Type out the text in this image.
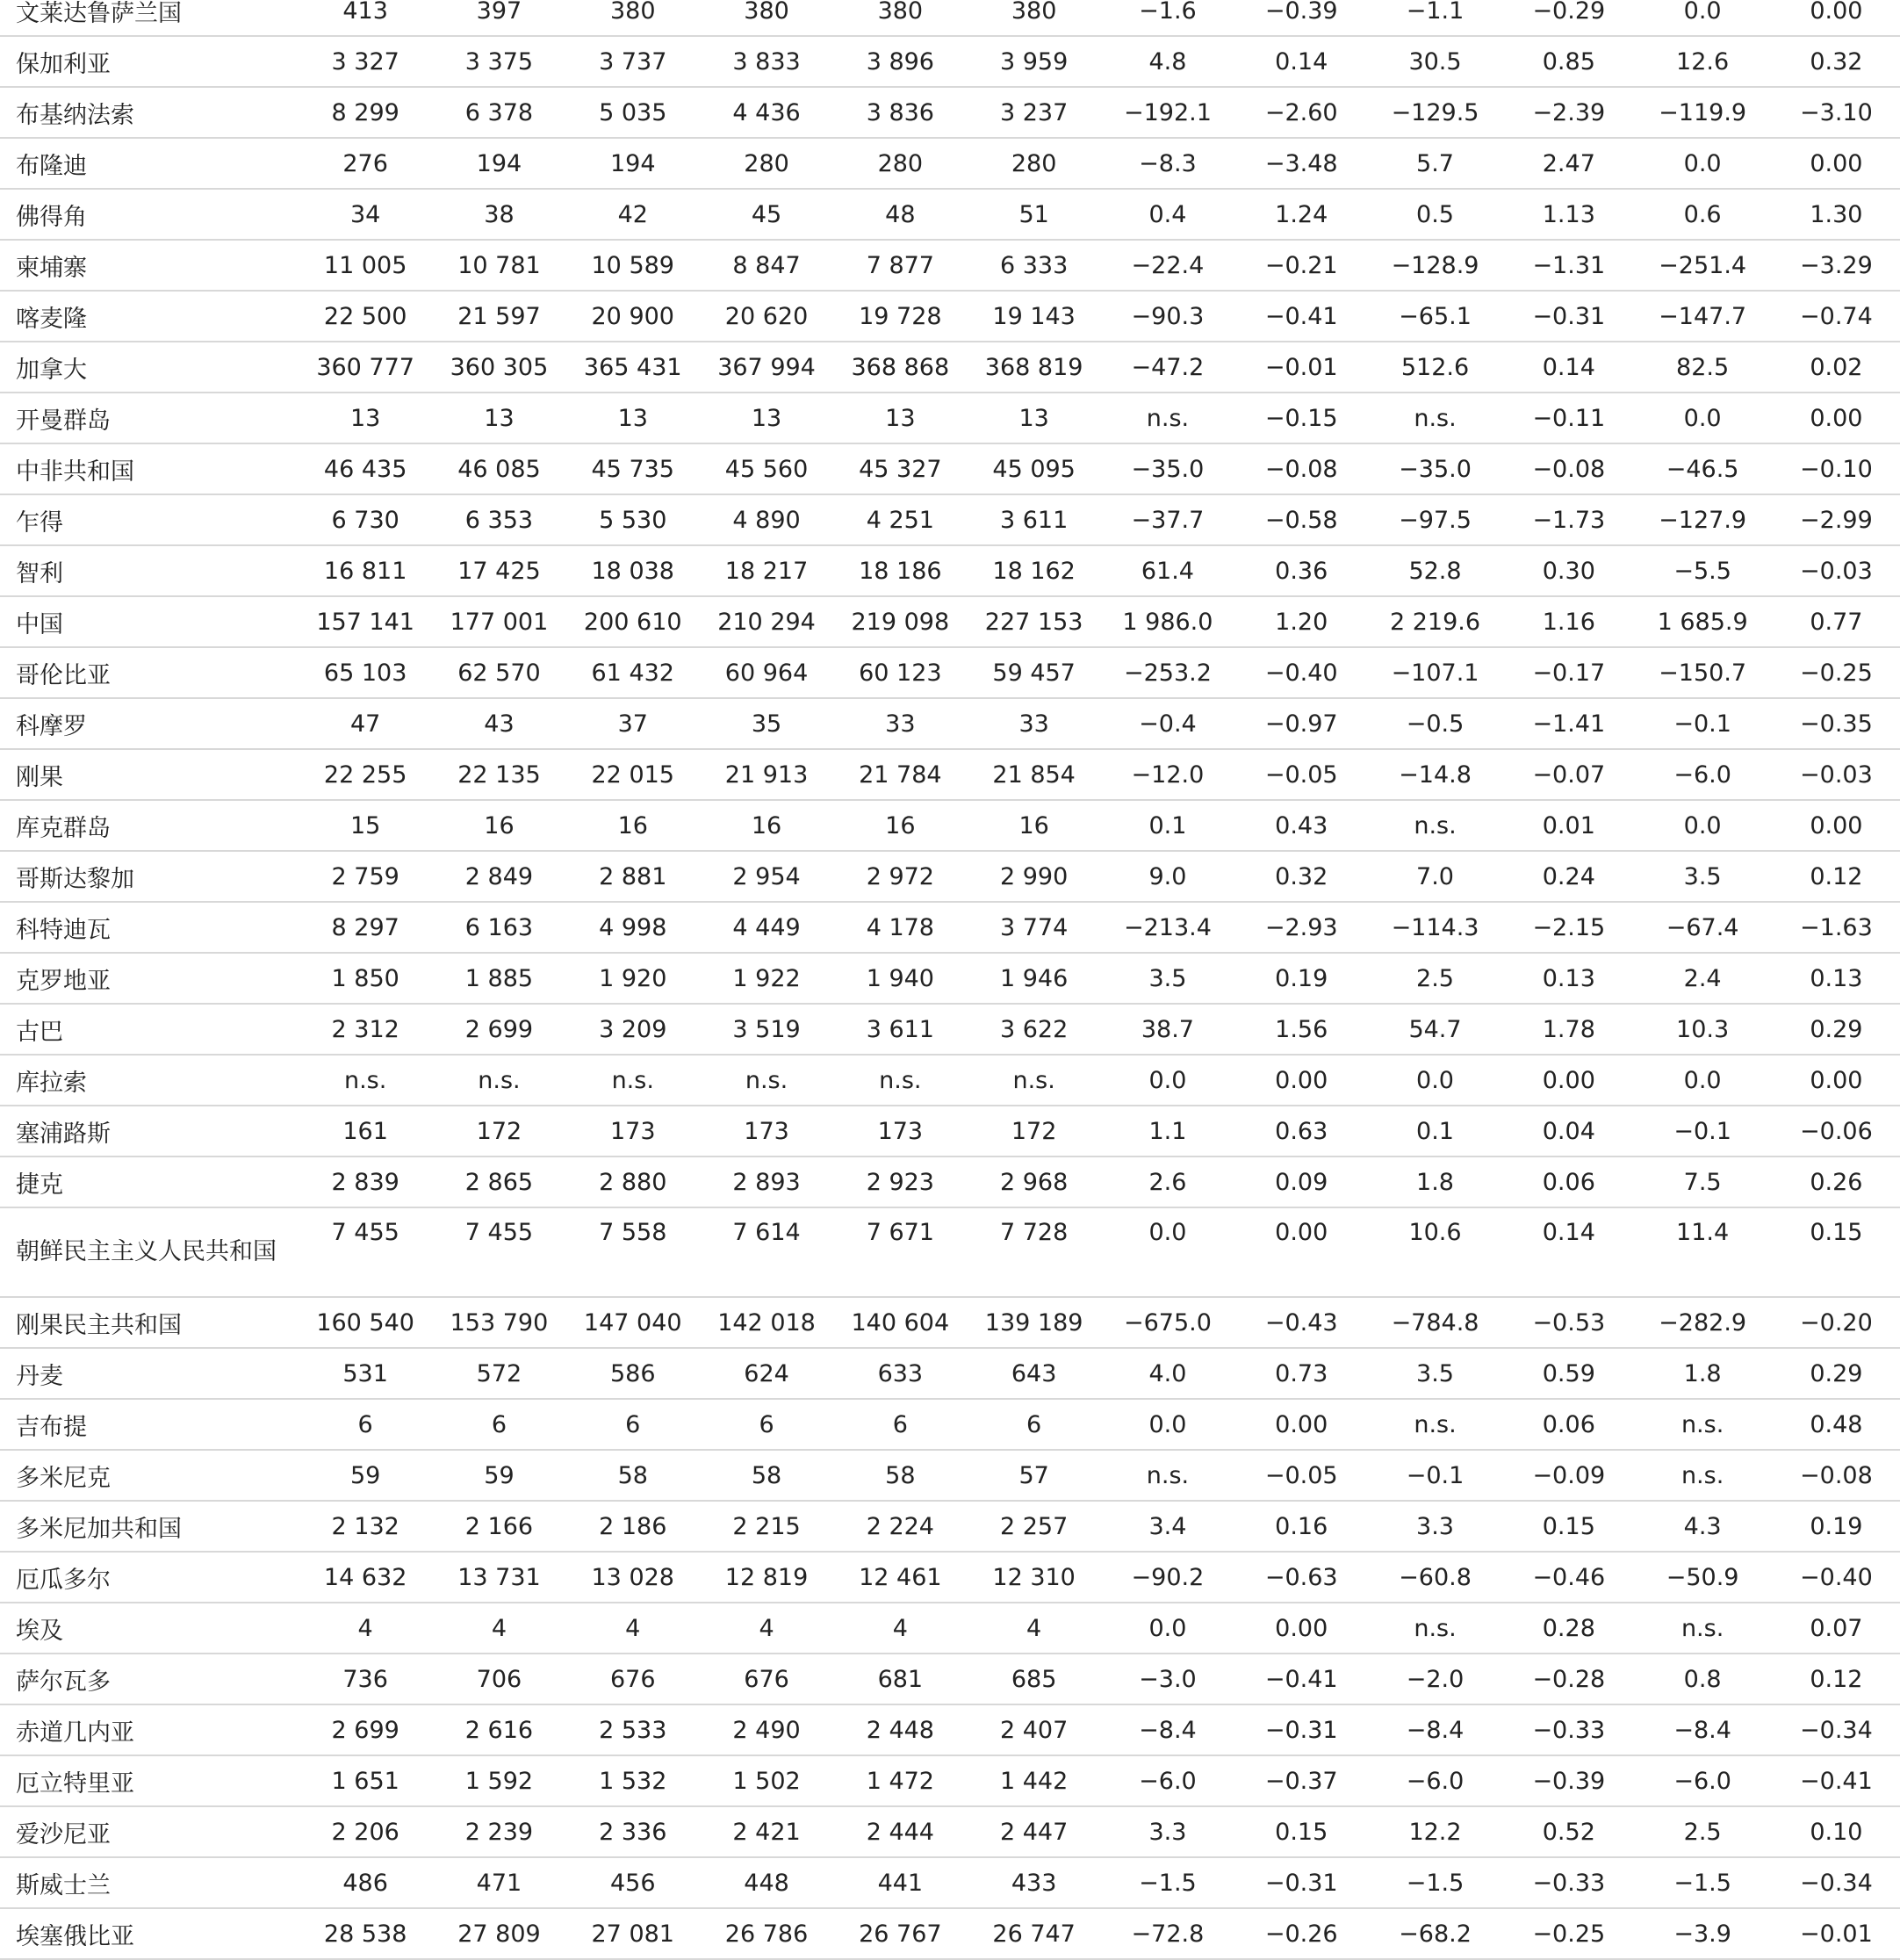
文莱达鲁萨兰国	413	397	380	380	380	380	−1.6	−0.39	−1.1	−0.29	0.0	0.00
保加利亚	3 327	3 375	3 737	3 833	3 896	3 959	4.8	0.14	30.5	0.85	12.6	0.32
布基纳法索	8 299	6 378	5 035	4 436	3 836	3 237	−192.1	−2.60	−129.5	−2.39	−119.9	−3.10
布隆迪	276	194	194	280	280	280	−8.3	−3.48	5.7	2.47	0.0	0.00
佛得角	34	38	42	45	48	51	0.4	1.24	0.5	1.13	0.6	1.30
柬埔寨	11 005	10 781	10 589	8 847	7 877	6 333	−22.4	−0.21	−128.9	−1.31	−251.4	−3.29
喀麦隆	22 500	21 597	20 900	20 620	19 728	19 143	−90.3	−0.41	−65.1	−0.31	−147.7	−0.74
加拿大	360 777	360 305	365 431	367 994	368 868	368 819	−47.2	−0.01	512.6	0.14	82.5	0.02
开曼群岛	13	13	13	13	13	13	n.s.	−0.15	n.s.	−0.11	0.0	0.00
中非共和国	46 435	46 085	45 735	45 560	45 327	45 095	−35.0	−0.08	−35.0	−0.08	−46.5	−0.10
乍得	6 730	6 353	5 530	4 890	4 251	3 611	−37.7	−0.58	−97.5	−1.73	−127.9	−2.99
智利	16 811	17 425	18 038	18 217	18 186	18 162	61.4	0.36	52.8	0.30	−5.5	−0.03
中国	157 141	177 001	200 610	210 294	219 098	227 153	1 986.0	1.20	2 219.6	1.16	1 685.9	0.77
哥伦比亚	65 103	62 570	61 432	60 964	60 123	59 457	−253.2	−0.40	−107.1	−0.17	−150.7	−0.25
科摩罗	47	43	37	35	33	33	−0.4	−0.97	−0.5	−1.41	−0.1	−0.35
刚果	22 255	22 135	22 015	21 913	21 784	21 854	−12.0	−0.05	−14.8	−0.07	−6.0	−0.03
库克群岛	15	16	16	16	16	16	0.1	0.43	n.s.	0.01	0.0	0.00
哥斯达黎加	2 759	2 849	2 881	2 954	2 972	2 990	9.0	0.32	7.0	0.24	3.5	0.12
科特迪瓦	8 297	6 163	4 998	4 449	4 178	3 774	−213.4	−2.93	−114.3	−2.15	−67.4	−1.63
克罗地亚	1 850	1 885	1 920	1 922	1 940	1 946	3.5	0.19	2.5	0.13	2.4	0.13
古巴	2 312	2 699	3 209	3 519	3 611	3 622	38.7	1.56	54.7	1.78	10.3	0.29
库拉索	n.s.	n.s.	n.s.	n.s.	n.s.	n.s.	0.0	0.00	0.0	0.00	0.0	0.00
塞浦路斯	161	172	173	173	173	172	1.1	0.63	0.1	0.04	−0.1	−0.06
捷克	2 839	2 865	2 880	2 893	2 923	2 968	2.6	0.09	1.8	0.06	7.5	0.26
朝鲜民主主义人民共和国	7 455	7 455	7 558	7 614	7 671	7 728	0.0	0.00	10.6	0.14	11.4	0.15
刚果民主共和国	160 540	153 790	147 040	142 018	140 604	139 189	−675.0	−0.43	−784.8	−0.53	−282.9	−0.20
丹麦	531	572	586	624	633	643	4.0	0.73	3.5	0.59	1.8	0.29
吉布提	6	6	6	6	6	6	0.0	0.00	n.s.	0.06	n.s.	0.48
多米尼克	59	59	58	58	58	57	n.s.	−0.05	−0.1	−0.09	n.s.	−0.08
多米尼加共和国	2 132	2 166	2 186	2 215	2 224	2 257	3.4	0.16	3.3	0.15	4.3	0.19
厄瓜多尔	14 632	13 731	13 028	12 819	12 461	12 310	−90.2	−0.63	−60.8	−0.46	−50.9	−0.40
埃及	4	4	4	4	4	4	0.0	0.00	n.s.	0.28	n.s.	0.07
萨尔瓦多	736	706	676	676	681	685	−3.0	−0.41	−2.0	−0.28	0.8	0.12
赤道几内亚	2 699	2 616	2 533	2 490	2 448	2 407	−8.4	−0.31	−8.4	−0.33	−8.4	−0.34
厄立特里亚	1 651	1 592	1 532	1 502	1 472	1 442	−6.0	−0.37	−6.0	−0.39	−6.0	−0.41
爱沙尼亚	2 206	2 239	2 336	2 421	2 444	2 447	3.3	0.15	12.2	0.52	2.5	0.10
斯威士兰	486	471	456	448	441	433	−1.5	−0.31	−1.5	−0.33	−1.5	−0.34
埃塞俄比亚	28 538	27 809	27 081	26 786	26 767	26 747	−72.8	−0.26	−68.2	−0.25	−3.9	−0.01
